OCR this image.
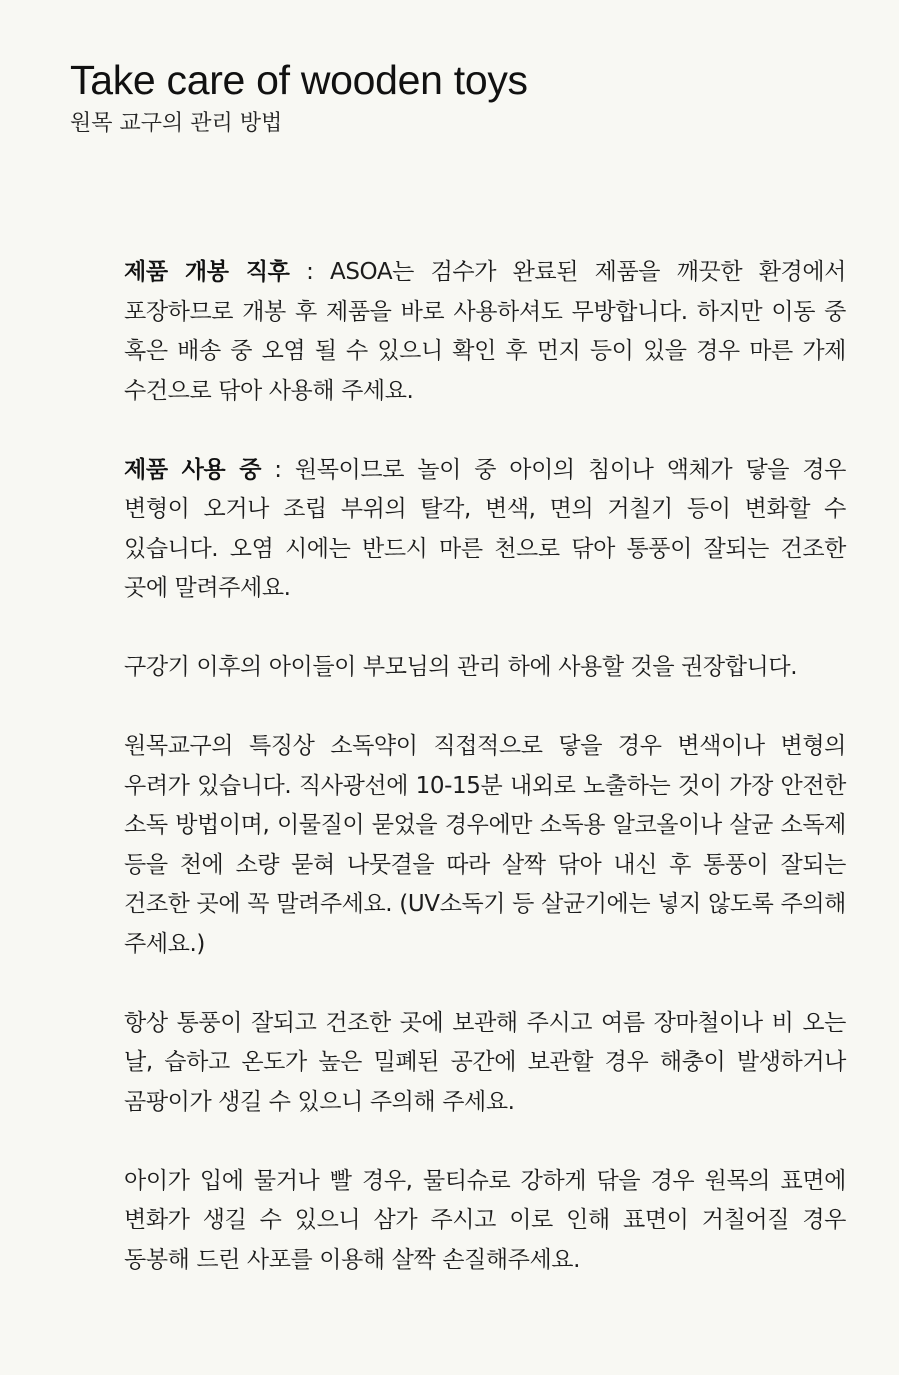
Take care of wooden toys

원목 교구의 관리 방법

제품 개봉 직후 : ASOA는 검수가 완료된 제품을 깨끗한 환경에서 포장하므로 개봉 후 제품을 바로 사용하셔도 무방합니다. 하지만 이동 중 혹은 배송 중 오염 될 수 있으니 확인 후 먼지 등이 있을 경우 마른 가제 수건으로 닦아 사용해 주세요.

제품 사용 중 : 원목이므로 놀이 중 아이의 침이나 액체가 닿을 경우 변형이 오거나 조립 부위의 탈각, 변색, 면의 거칠기 등이 변화할 수 있습니다. 오염 시에는 반드시 마른 천으로 닦아 통풍이 잘되는 건조한 곳에 말려주세요.

구강기 이후의 아이들이 부모님의 관리 하에 사용할 것을 권장합니다.

원목교구의 특징상 소독약이 직접적으로 닿을 경우 변색이나 변형의 우려가 있습니다. 직사광선에 10-15분 내외로 노출하는 것이 가장 안전한 소독 방법이며, 이물질이 묻었을 경우에만 소독용 알코올이나 살균 소독제 등을 천에 소량 묻혀 나뭇결을 따라 살짝 닦아 내신 후 통풍이 잘되는 건조한 곳에 꼭 말려주세요. (UV소독기 등 살균기에는 넣지 않도록 주의해 주세요.)

항상 통풍이 잘되고 건조한 곳에 보관해 주시고 여름 장마철이나 비 오는 날, 습하고 온도가 높은 밀폐된 공간에 보관할 경우 해충이 발생하거나 곰팡이가 생길 수 있으니 주의해 주세요.

아이가 입에 물거나 빨 경우, 물티슈로 강하게 닦을 경우 원목의 표면에 변화가 생길 수 있으니 삼가 주시고 이로 인해 표면이 거칠어질 경우 동봉해 드린 사포를 이용해 살짝 손질해주세요.
